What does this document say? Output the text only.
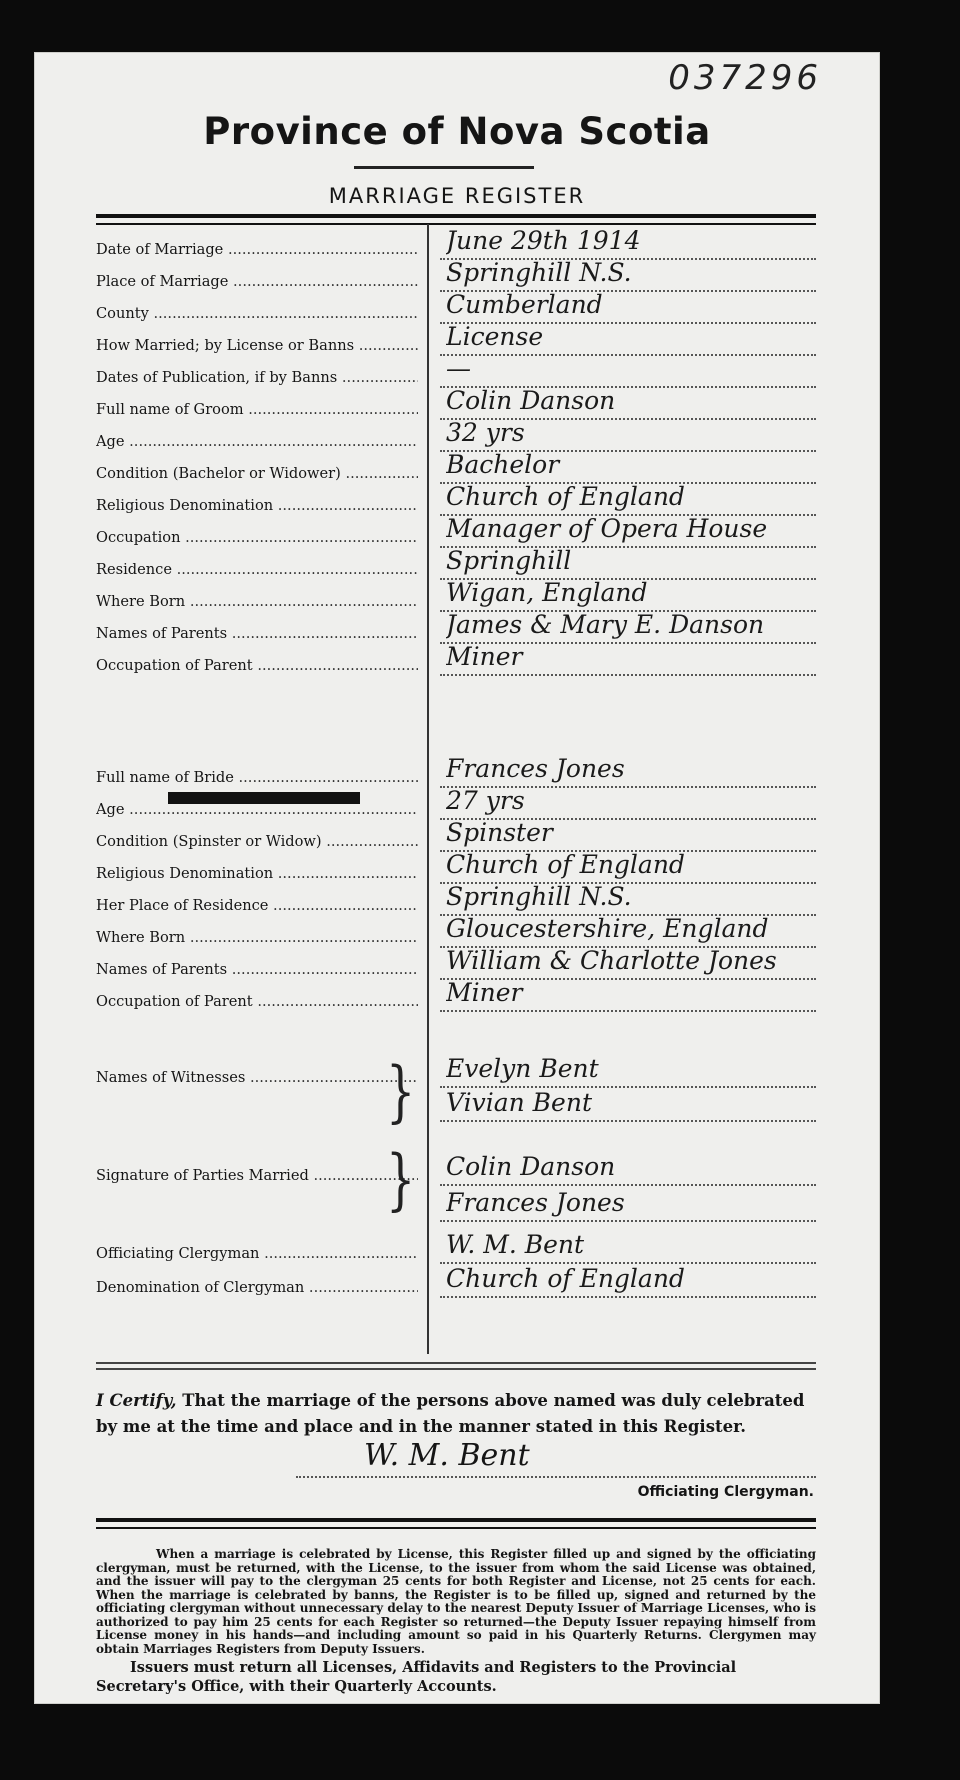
037296
Province of Nova Scotia
MARRIAGE REGISTER
Date of Marriage .....	June 29th 1914
Place of Marriage .....	Springhill N.S.
County .....	Cumberland
How Married; by License or Banns .....	License
Dates of Publication, if by Banns .....	—
Full name of Groom .....	Colin Danson
Age .....	32 yrs
Condition (Bachelor or Widower) .....	Bachelor
Religious Denomination .....	Church of England
Occupation .....	Manager of Opera House
Residence .....	Springhill
Where Born .....	Wigan, England
Names of Parents .....	James & Mary E. Danson
Occupation of Parent .....	Miner
Full name of Bride .....	Frances Jones
Age .....	27 yrs
Condition (Spinster or Widow) .....	Spinster
Religious Denomination .....	Church of England
Her Place of Residence .....	Springhill N.S.
Where Born .....	Gloucestershire, England
Names of Parents .....	William & Charlotte Jones
Occupation of Parent .....	Miner
Names of Witnesses .....	Evelyn Bent
Vivian Bent
Signature of Parties Married .....	Colin Danson
Frances Jones
Officiating Clergyman .....	W. M. Bent
Denomination of Clergyman .....	Church of England
}
}
I Certify, That the marriage of the persons above named was duly celebrated by me at the time and place and in the manner stated in this Register.
W. M. Bent
Officiating Clergyman.
When a marriage is celebrated by License, this Register filled up and signed by the officiating clergyman, must be returned, with the License, to the issuer from whom the said License was obtained, and the issuer will pay to the clergyman 25 cents for both Register and License, not 25 cents for each. When the marriage is celebrated by banns, the Register is to be filled up, signed and returned by the officiating clergyman without unnecessary delay to the nearest Deputy Issuer of Marriage Licenses, who is authorized to pay him 25 cents for each Register so returned—the Deputy Issuer repaying himself from License money in his hands—and including amount so paid in his Quarterly Returns. Clergymen may obtain Marriages Registers from Deputy Issuers.
Issuers must return all Licenses, Affidavits and Registers to the Provincial Secretary's Office, with their Quarterly Accounts.
